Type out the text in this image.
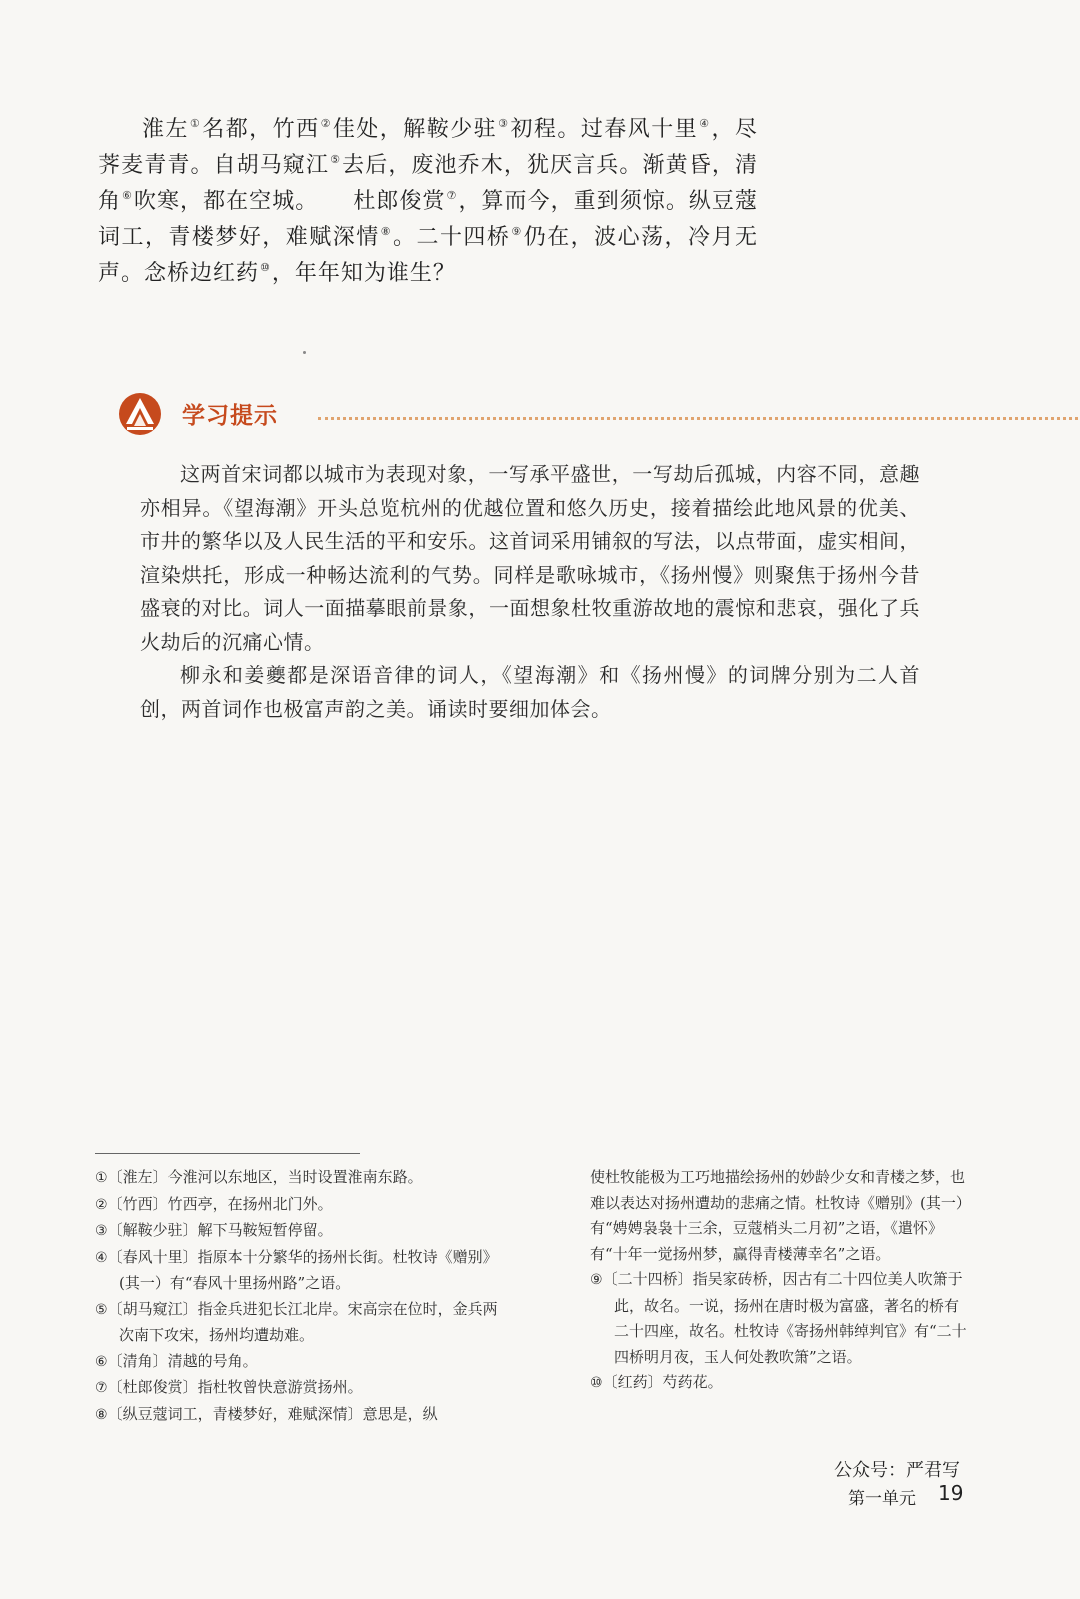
淮左①名都，竹西②佳处，解鞍少驻③初程。过春风十里④，尽荠麦青青。自胡马窥江⑤去后，废池乔木，犹厌言兵。渐黄昏，清角⑥吹寒，都在空城。　　杜郎俊赏⑦，算而今，重到须惊。纵豆蔻词工，青楼梦好，难赋深情⑧。二十四桥⑨仍在，波心荡，冷月无声。念桥边红药⑩，年年知为谁生？

学习提示

这两首宋词都以城市为表现对象，一写承平盛世，一写劫后孤城，内容不同，意趣亦相异。《望海潮》开头总览杭州的优越位置和悠久历史，接着描绘此地风景的优美、市井的繁华以及人民生活的平和安乐。这首词采用铺叙的写法，以点带面，虚实相间，渲染烘托，形成一种畅达流利的气势。同样是歌咏城市，《扬州慢》则聚焦于扬州今昔盛衰的对比。词人一面描摹眼前景象，一面想象杜牧重游故地的震惊和悲哀，强化了兵火劫后的沉痛心情。

柳永和姜夔都是深语音律的词人，《望海潮》和《扬州慢》的词牌分别为二人首创，两首词作也极富声韵之美。诵读时要细加体会。

①〔淮左〕今淮河以东地区，当时设置淮南东路。

②〔竹西〕竹西亭，在扬州北门外。

③〔解鞍少驻〕解下马鞍短暂停留。

④〔春风十里〕指原本十分繁华的扬州长街。杜牧诗《赠别》(其一）有“春风十里扬州路”之语。

⑤〔胡马窥江〕指金兵进犯长江北岸。宋高宗在位时，金兵两次南下攻宋，扬州均遭劫难。

⑥〔清角〕清越的号角。

⑦〔杜郎俊赏〕指杜牧曾快意游赏扬州。

⑧〔纵豆蔻词工，青楼梦好，难赋深情〕意思是，纵

使杜牧能极为工巧地描绘扬州的妙龄少女和青楼之梦，也难以表达对扬州遭劫的悲痛之情。杜牧诗《赠别》(其一）有“娉娉袅袅十三余，豆蔻梢头二月初”之语，《遣怀》有“十年一觉扬州梦，赢得青楼薄幸名”之语。

⑨〔二十四桥〕指吴家砖桥，因古有二十四位美人吹箫于此，故名。一说，扬州在唐时极为富盛，著名的桥有二十四座，故名。杜牧诗《寄扬州韩绰判官》有“二十四桥明月夜，玉人何处教吹箫”之语。

⑩〔红药〕芍药花。

公众号：严君写
第一单元 19
